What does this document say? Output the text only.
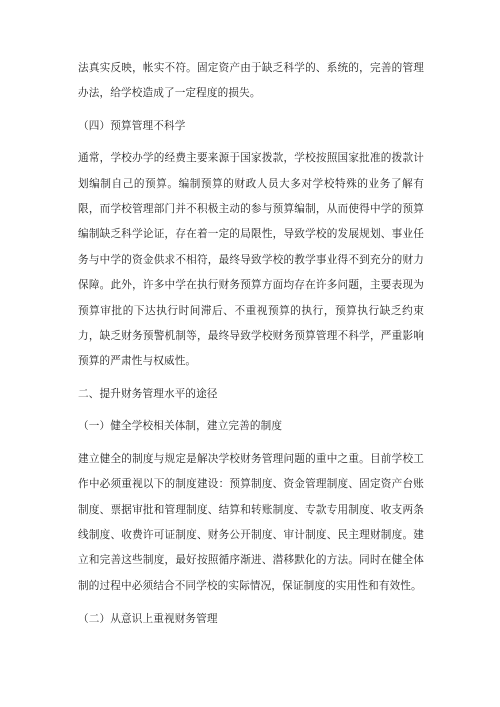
法真实反映，帐实不符。固定资产由于缺乏科学的、系统的，完善的管理办法，给学校造成了一定程度的损失。

（四）预算管理不科学

通常，学校办学的经费主要来源于国家拨款，学校按照国家批准的拨款计划编制自己的预算。编制预算的财政人员大多对学校特殊的业务了解有限，而学校管理部门并不积极主动的参与预算编制，从而使得中学的预算编制缺乏科学论证，存在着一定的局限性，导致学校的发展规划、事业任务与中学的资金供求不相符，最终导致学校的教学事业得不到充分的财力保障。此外，许多中学在执行财务预算方面均存在许多问题，主要表现为预算审批的下达执行时间滞后、不重视预算的执行，预算执行缺乏约束力，缺乏财务预警机制等，最终导致学校财务预算管理不科学，严重影响预算的严肃性与权威性。

二、提升财务管理水平的途径

（一）健全学校相关体制，建立完善的制度

建立健全的制度与规定是解决学校财务管理问题的重中之重。目前学校工作中必须重视以下的制度建设：预算制度、资金管理制度、固定资产台账制度、票据审批和管理制度、结算和转账制度、专款专用制度、收支两条线制度、收费许可证制度、财务公开制度、审计制度、民主理财制度。建立和完善这些制度，最好按照循序渐进、潜移默化的方法。同时在健全体制的过程中必须结合不同学校的实际情况，保证制度的实用性和有效性。

（二）从意识上重视财务管理
